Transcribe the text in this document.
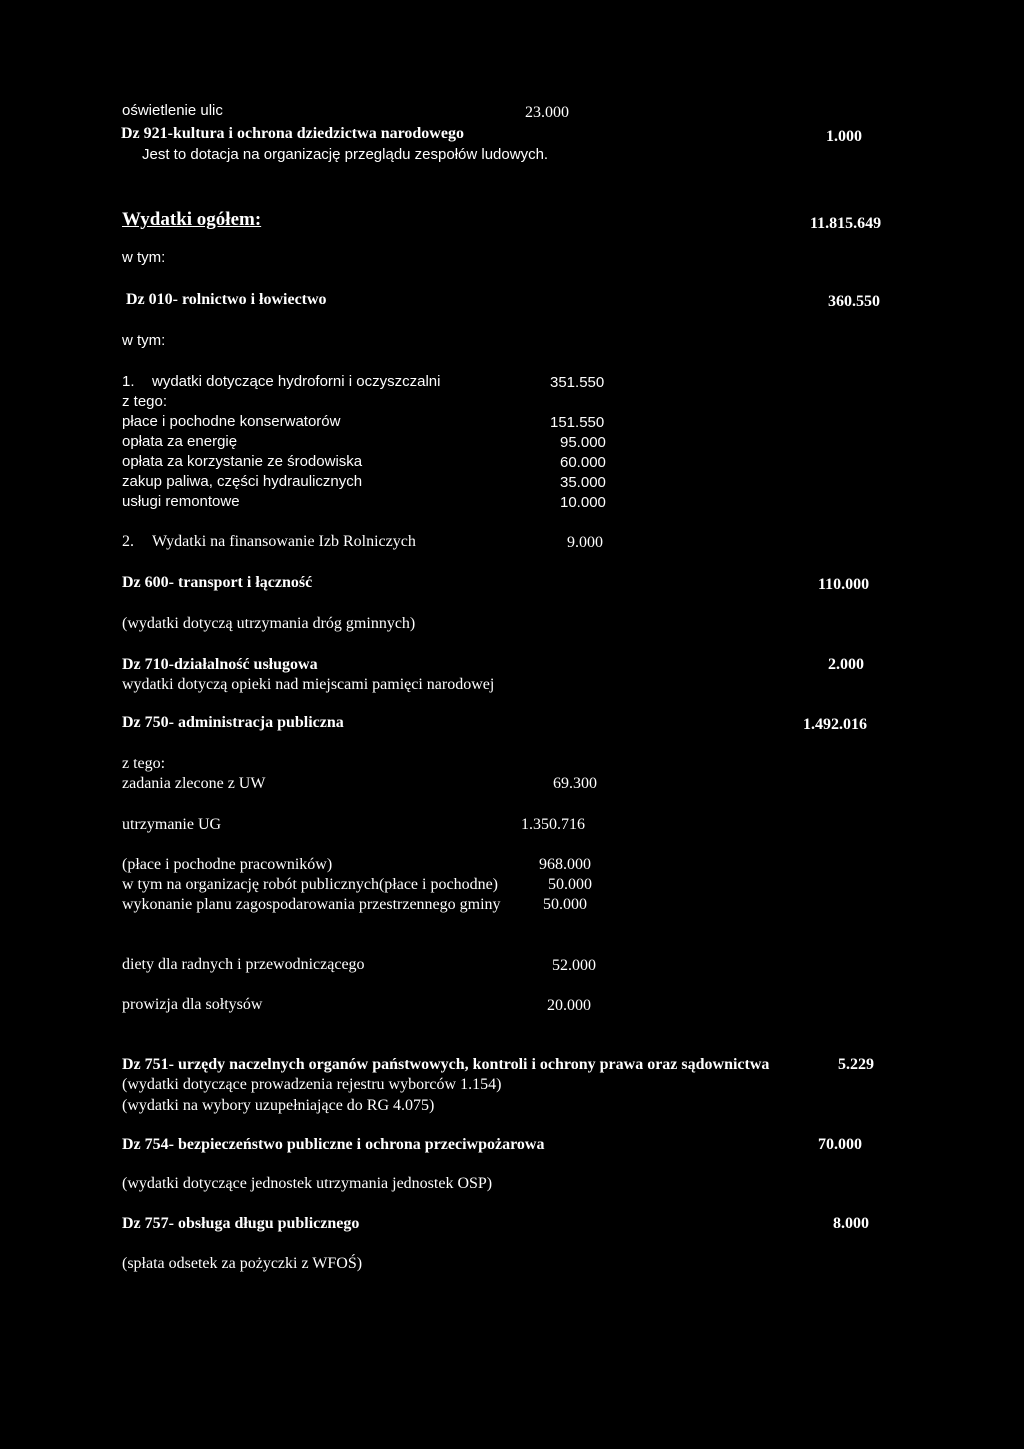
oświetlenie ulic	23.000
Dz 921-kultura i ochrona dziedzictwa narodowego	1.000
Jest to dotacja na organizację przeglądu zespołów ludowych.
Wydatki ogółem:	11.815.649
w tym:
Dz 010- rolnictwo i łowiectwo	360.550
w tym:
1. wydatki dotyczące hydroforni i oczyszczalni	351.550
z tego:
płace i pochodne konserwatorów	151.550
opłata za energię	95.000
opłata za korzystanie ze środowiska	60.000
zakup paliwa, części hydraulicznych	35.000
usługi remontowe	10.000
2. Wydatki na finansowanie Izb Rolniczych	9.000
Dz 600- transport i łączność	110.000
(wydatki dotyczą utrzymania dróg gminnych)
Dz 710-działalność usługowa	2.000
wydatki dotyczą opieki nad miejscami pamięci narodowej
Dz 750- administracja publiczna	1.492.016
z tego:
zadania zlecone z UW	69.300
utrzymanie UG	1.350.716
(płace i pochodne pracowników)	968.000
w tym na organizację robót publicznych(płace i pochodne)	50.000
wykonanie planu zagospodarowania przestrzennego gminy	50.000
diety dla radnych i przewodniczącego	52.000
prowizja dla sołtysów	20.000
Dz 751- urzędy naczelnych organów państwowych, kontroli i ochrony prawa oraz sądownictwa	5.229
(wydatki dotyczące prowadzenia rejestru wyborców 1.154)
(wydatki na wybory uzupełniające do RG 4.075)
Dz 754- bezpieczeństwo publiczne i ochrona przeciwpożarowa	70.000
(wydatki dotyczące jednostek utrzymania jednostek OSP)
Dz 757- obsługa długu publicznego	8.000
(spłata odsetek za pożyczki z WFOŚ)
